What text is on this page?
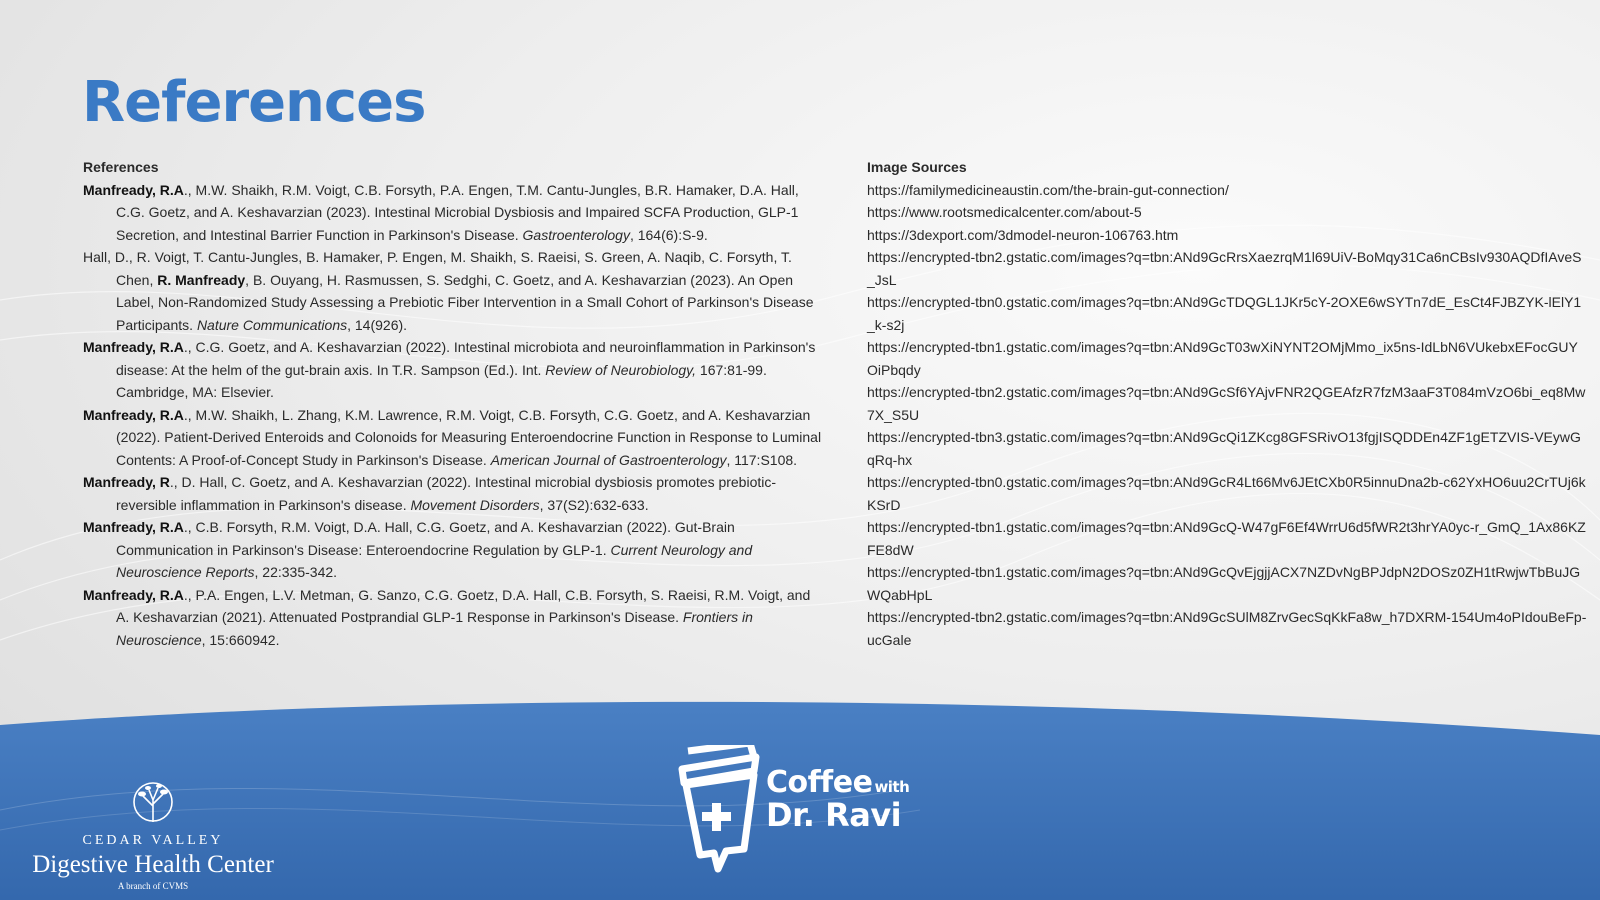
References
References
Manfready, R.A., M.W. Shaikh, R.M. Voigt, C.B. Forsyth, P.A. Engen, T.M. Cantu-Jungles, B.R. Hamaker, D.A. Hall, C.G. Goetz, and A. Keshavarzian (2023). Intestinal Microbial Dysbiosis and Impaired SCFA Production, GLP-1 Secretion, and Intestinal Barrier Function in Parkinson's Disease. Gastroenterology, 164(6):S-9.
Hall, D., R. Voigt, T. Cantu-Jungles, B. Hamaker, P. Engen, M. Shaikh, S. Raeisi, S. Green, A. Naqib, C. Forsyth, T. Chen, R. Manfready, B. Ouyang, H. Rasmussen, S. Sedghi, C. Goetz, and A. Keshavarzian (2023). An Open Label, Non-Randomized Study Assessing a Prebiotic Fiber Intervention in a Small Cohort of Parkinson's Disease Participants. Nature Communications, 14(926).
Manfready, R.A., C.G. Goetz, and A. Keshavarzian (2022). Intestinal microbiota and neuroinflammation in Parkinson's disease: At the helm of the gut-brain axis. In T.R. Sampson (Ed.). Int. Review of Neurobiology, 167:81-99. Cambridge, MA: Elsevier.
Manfready, R.A., M.W. Shaikh, L. Zhang, K.M. Lawrence, R.M. Voigt, C.B. Forsyth, C.G. Goetz, and A. Keshavarzian (2022). Patient-Derived Enteroids and Colonoids for Measuring Enteroendocrine Function in Response to Luminal Contents: A Proof-of-Concept Study in Parkinson's Disease. American Journal of Gastroenterology, 117:S108.
Manfready, R., D. Hall, C. Goetz, and A. Keshavarzian (2022). Intestinal microbial dysbiosis promotes prebiotic-reversible inflammation in Parkinson's disease. Movement Disorders, 37(S2):632-633.
Manfready, R.A., C.B. Forsyth, R.M. Voigt, D.A. Hall, C.G. Goetz, and A. Keshavarzian (2022). Gut-Brain Communication in Parkinson's Disease: Enteroendocrine Regulation by GLP-1. Current Neurology and Neuroscience Reports, 22:335-342.
Manfready, R.A., P.A. Engen, L.V. Metman, G. Sanzo, C.G. Goetz, D.A. Hall, C.B. Forsyth, S. Raeisi, R.M. Voigt, and A. Keshavarzian (2021). Attenuated Postprandial GLP-1 Response in Parkinson's Disease. Frontiers in Neuroscience, 15:660942.
Image Sources
https://familymedicineaustin.com/the-brain-gut-connection/
https://www.rootsmedicalcenter.com/about-5
https://3dexport.com/3dmodel-neuron-106763.htm
https://encrypted-tbn2.gstatic.com/images?q=tbn:ANd9GcRrsXaezrqM1l69UiV-BoMqy31Ca6nCBsIv930AQDfIAveS_JsL
https://encrypted-tbn0.gstatic.com/images?q=tbn:ANd9GcTDQGL1JKr5cY-2OXE6wSYTn7dE_EsCt4FJBZYK-lElY1_k-s2j
https://encrypted-tbn1.gstatic.com/images?q=tbn:ANd9GcT03wXiNYNT2OMjMmo_ix5ns-IdLbN6VUkebxEFocGUYOiPbqdy
https://encrypted-tbn2.gstatic.com/images?q=tbn:ANd9GcSf6YAjvFNR2QGEAfzR7fzM3aaF3T084mVzO6bi_eq8Mw7X_S5U
https://encrypted-tbn3.gstatic.com/images?q=tbn:ANd9GcQi1ZKcg8GFSRivO13fgjISQDDEn4ZF1gETZVIS-VEywGqRq-hx
https://encrypted-tbn0.gstatic.com/images?q=tbn:ANd9GcR4Lt66Mv6JEtCXb0R5innuDna2b-c62YxHO6uu2CrTUj6kKSrD
https://encrypted-tbn1.gstatic.com/images?q=tbn:ANd9GcQ-W47gF6Ef4WrrU6d5fWR2t3hrYA0yc-r_GmQ_1Ax86KZFE8dW
https://encrypted-tbn1.gstatic.com/images?q=tbn:ANd9GcQvEjgjjACX7NZDvNgBPJdpN2DOSz0ZH1tRwjwTbBuJGWQabHpL
https://encrypted-tbn2.gstatic.com/images?q=tbn:ANd9GcSUlM8ZrvGecSqKkFa8w_h7DXRM-154Um4oPIdouBeFp-ucGale
CEDAR VALLEY
Digestive Health Center
A branch of CVMS
Coffee with
Dr. Ravi
